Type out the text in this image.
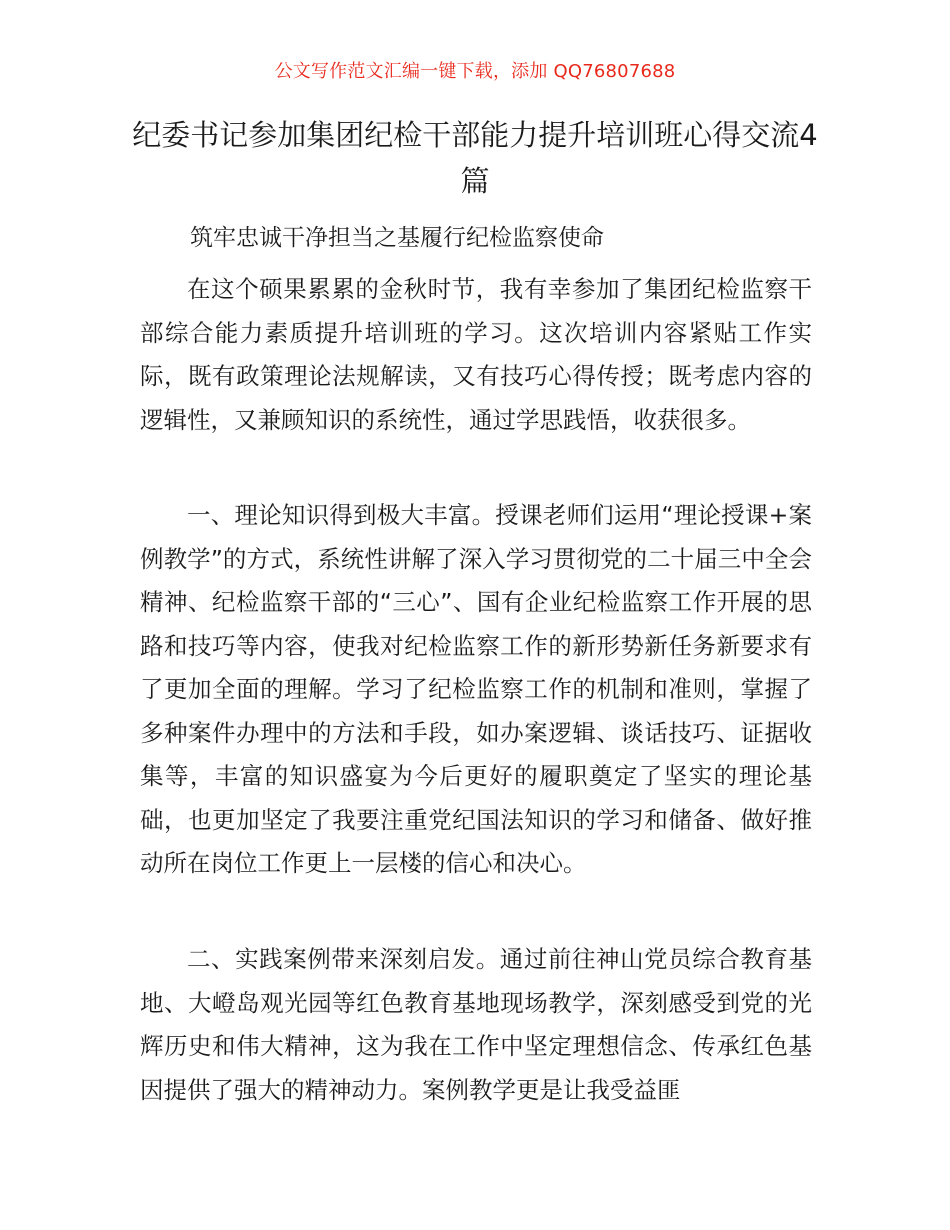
公文写作范文汇编一键下载，添加 QQ76807688
纪委书记参加集团纪检干部能力提升培训班心得交流4篇
筑牢忠诚干净担当之基履行纪检监察使命

在这个硕果累累的金秋时节，我有幸参加了集团纪检监察干部综合能力素质提升培训班的学习。这次培训内容紧贴工作实际，既有政策理论法规解读，又有技巧心得传授；既考虑内容的逻辑性，又兼顾知识的系统性，通过学思践悟，收获很多。

一、理论知识得到极大丰富。授课老师们运用“理论授课+案例教学”的方式，系统性讲解了深入学习贯彻党的二十届三中全会精神、纪检监察干部的“三心”、国有企业纪检监察工作开展的思路和技巧等内容，使我对纪检监察工作的新形势新任务新要求有了更加全面的理解。学习了纪检监察工作的机制和准则，掌握了多种案件办理中的方法和手段，如办案逻辑、谈话技巧、证据收集等，丰富的知识盛宴为今后更好的履职奠定了坚实的理论基础，也更加坚定了我要注重党纪国法知识的学习和储备、做好推动所在岗位工作更上一层楼的信心和决心。

二、实践案例带来深刻启发。通过前往神山党员综合教育基地、大嶝岛观光园等红色教育基地现场教学，深刻感受到党的光辉历史和伟大精神，这为我在工作中坚定理想信念、传承红色基因提供了强大的精神动力。案例教学更是让我受益匪
